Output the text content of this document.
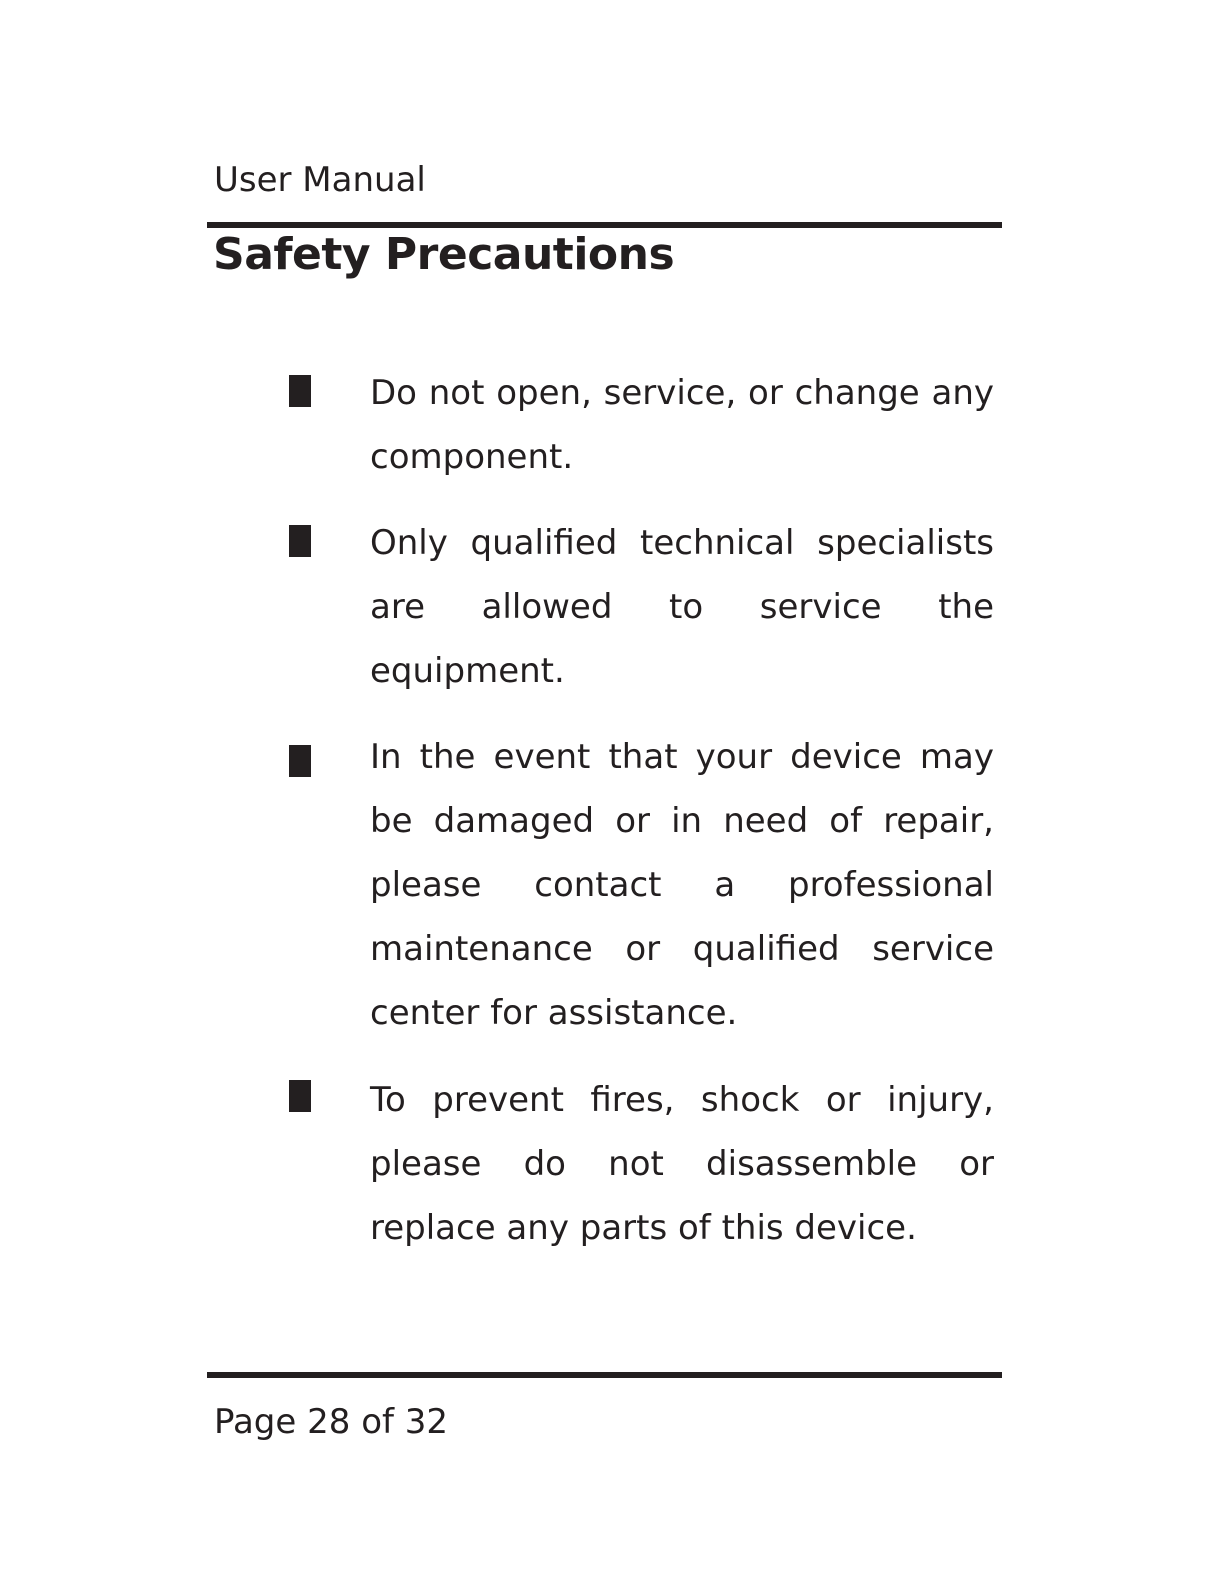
User Manual
Safety Precautions
Do not open, service, or change any component.
Only qualified technical specialists are allowed to service the equipment.
In the event that your device may be damaged or in need of repair, please contact a professional maintenance or qualified service center for assistance.
To prevent fires, shock or injury, please do not disassemble or replace any parts of this device.
Page 28 of 32
